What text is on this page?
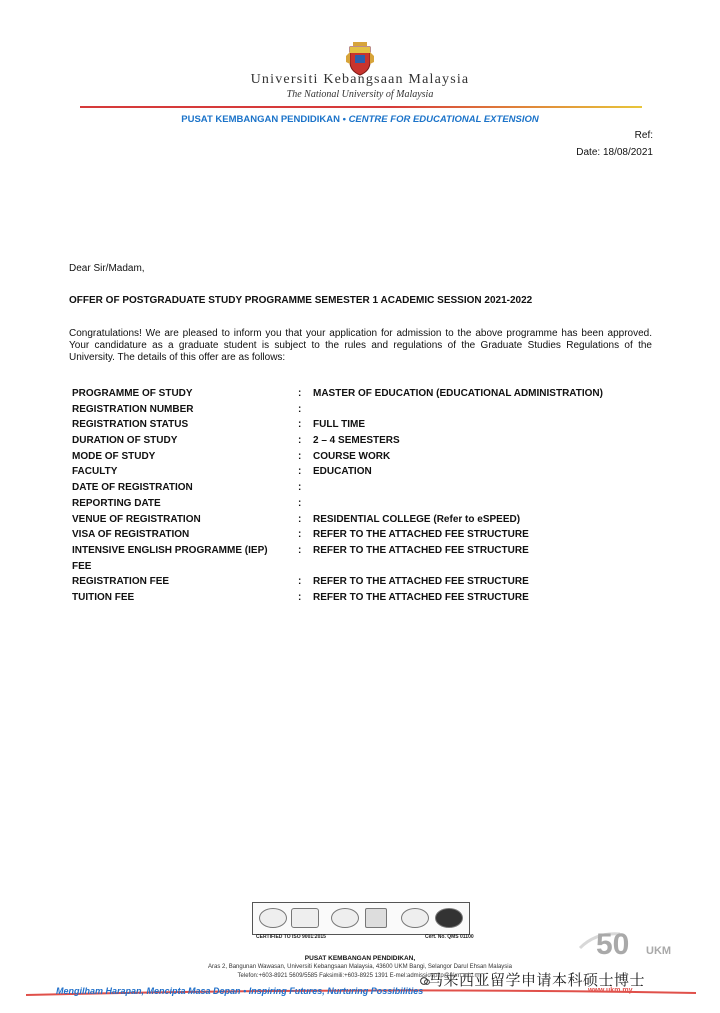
Universiti Kebangsaan Malaysia
The National University of Malaysia
PUSAT KEMBANGAN PENDIDIKAN • CENTRE FOR EDUCATIONAL EXTENSION
Ref:
Date: 18/08/2021
Dear Sir/Madam,
OFFER OF POSTGRADUATE STUDY PROGRAMME SEMESTER 1 ACADEMIC SESSION 2021-2022
Congratulations! We are pleased to inform you that your application for admission to the above programme has been approved. Your candidature as a graduate student is subject to the rules and regulations of the Graduate Studies Regulations of the University. The details of this offer are as follows:
PROGRAMME OF STUDY	: MASTER OF EDUCATION (EDUCATIONAL ADMINISTRATION)
REGISTRATION NUMBER	:
REGISTRATION STATUS	: FULL TIME
DURATION OF STUDY	: 2 – 4 SEMESTERS
MODE OF STUDY	: COURSE WORK
FACULTY	: EDUCATION
DATE OF REGISTRATION	:
REPORTING DATE	:
VENUE OF REGISTRATION	: RESIDENTIAL COLLEGE (Refer to eSPEED)
VISA OF REGISTRATION	: REFER TO THE ATTACHED FEE STRUCTURE
INTENSIVE ENGLISH PROGRAMME (IEP) FEE
: REFER TO THE ATTACHED FEE STRUCTURE
REGISTRATION FEE	: REFER TO THE ATTACHED FEE STRUCTURE
TUITION FEE	: REFER TO THE ATTACHED FEE STRUCTURE
CERTIFIED TO ISO 9001:2015	Cert. No. QMS 01100	50 UKM
PUSAT KEMBANGAN PENDIDIKAN,
Aras 2, Bangunan Wawasan, Universiti Kebangsaan Malaysia, 43600 UKM Bangi, Selangor Darul Ehsan Malaysia
Telefon:+603-8921 5609/5585 Faksimili:+603-8925 1391 E-mel:admissionpkp@ukm.edu.my
Mengilham Harapan, Mencipta Masa Depan • Inspiring Futures, Nurturing Possibilities	www.ukm.my
马来西亚留学申请本科硕士博士
